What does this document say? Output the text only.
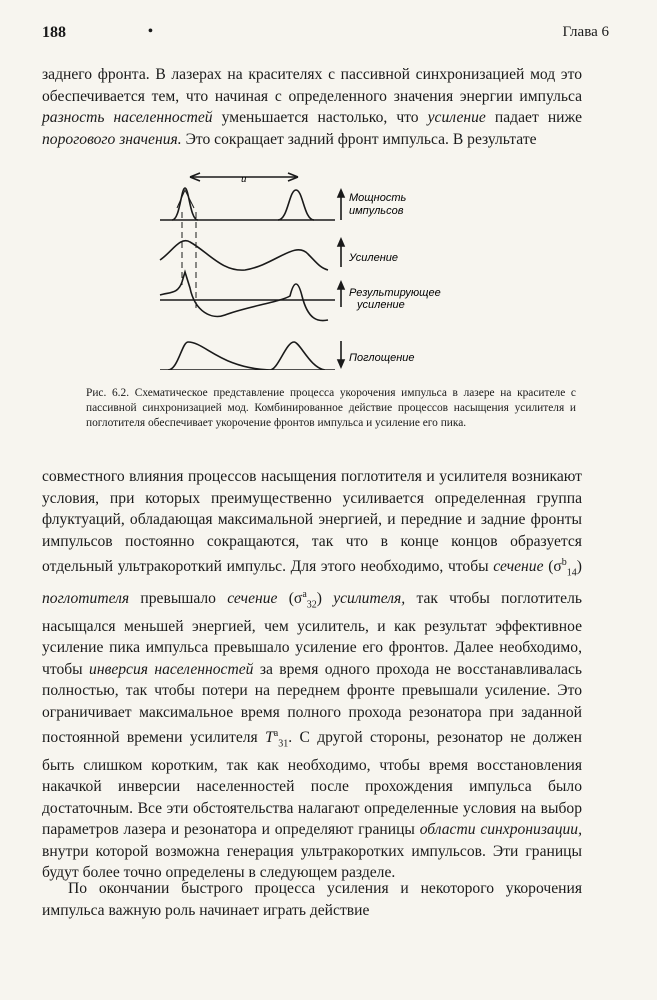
188	•	Глава 6

заднего фронта. В лазерах на красителях с пассивной синхронизацией мод это обеспечивается тем, что начиная с определенного значения энергии импульса разность населенностей уменьшается настолько, что усиление падает ниже порогового значения. Это сокращает задний фронт импульса. В результате

u
Мощность
импульсов
Усиление
Результирующее
усиление
Поглощение

Рис. 6.2. Схематическое представление процесса укорочения импульса в лазере на красителе с пассивной синхронизацией мод. Комбинированное действие процессов насыщения усилителя и поглотителя обеспечивает укорочение фронтов импульса и усиление его пика.

совместного влияния процессов насыщения поглотителя и усилителя возникают условия, при которых преимущественно усиливается определенная группа флуктуаций, обладающая максимальной энергией, и передние и задние фронты импульсов постоянно сокращаются, так что в конце концов образуется отдельный ультракороткий импульс. Для этого необходимо, чтобы сечение $(\sigma^b_{14})$ поглотителя превышало сечение $(\sigma^a_{32})$ усилителя, так чтобы поглотитель насыщался меньшей энергией, чем усилитель, и как результат эффективное усиление пика импульса превышало усиление его фронтов. Далее необходимо, чтобы инверсия населенностей за время одного прохода не восстанавливалась полностью, так чтобы потери на переднем фронте превышали усиление. Это ограничивает максимальное время полного прохода резонатора при заданной постоянной времени усилителя $T^a_{31}$. С другой стороны, резонатор не должен быть слишком коротким, так как необходимо, чтобы время восстановления накачкой инверсии населенностей после прохождения импульса было достаточным. Все эти обстоятельства налагают определенные условия на выбор параметров лазера и резонатора и определяют границы области синхронизации, внутри которой возможна генерация ультракоротких импульсов. Эти границы будут более точно определены в следующем разделе.

По окончании быстрого процесса усиления и некоторого укорочения импульса важную роль начинает играть действие
